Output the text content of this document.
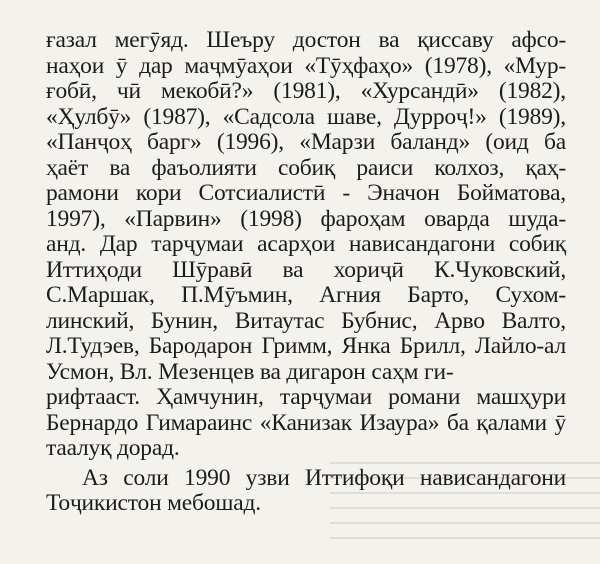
ғазал мегӯяд. Шеъру достон ва қиссаву афсо-
наҳои ӯ дар маҷмӯаҳои «Тӯҳфаҳо» (1978), «Мур-
ғобӣ, чӣ мекобӣ?» (1981), «Хурсандӣ» (1982),
«Ҳулбӯ» (1987), «Садсола шаве, Дурроҷ!» (1989),
«Панҷоҳ барг» (1996), «Марзи баланд» (оид ба
ҳаёт ва фаъолияти собиқ раиси колхоз, қаҳ-
рамони кори Сотсиалистӣ - Эначон Бойматова,
1997), «Парвин» (1998) фароҳам оварда шуда-
анд. Дар тарҷумаи асарҳои нависандагони собиқ
Иттиҳоди Шӯравӣ ва хориҷӣ К.Чуковский,
С.Маршак, П.Мӯъмин, Агния Барто, Сухом-
линский, Бунин, Витаутас Бубнис, Арво Валто,
Л.Тудэев, Бародарон Гримм, Янка Брилл, Лайло-ал Усмон, Вл. Мезенцев ва дигарон саҳм ги-
рифтааст. Ҳамчунин, тарҷумаи романи машҳури
Бернардо Гимараинс «Канизак Изаура» ба қалами ӯ таалуқ дорад.
Аз соли 1990 узви Иттифоқи нависандагони
Тоҷикистон мебошад.
